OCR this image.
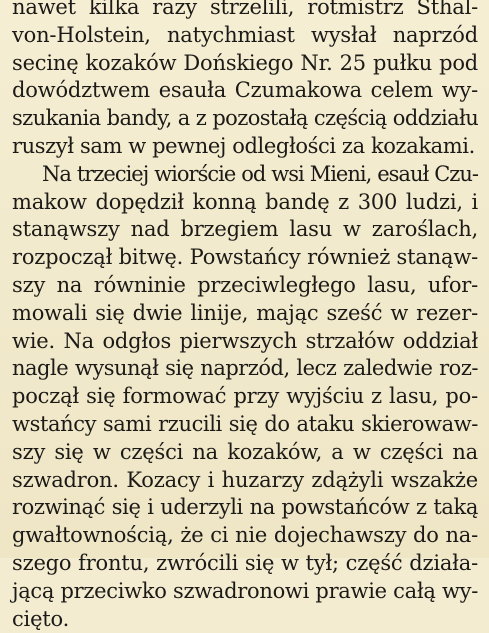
nawet kilka razy strzelili, rotmistrz Sthal-
von-Holstein, natychmiast wysłał naprzód
secinę kozaków Dońskiego Nr. 25 pułku pod
dowództwem esauła Czumakowa celem wy-
szukania bandy, a z pozostałą częścią oddziału
ruszył sam w pewnej odległości za kozakami.
Na trzeciej wiorście od wsi Mieni, esauł Czu-
makow dopędził konną bandę z 300 ludzi, i
stanąwszy nad brzegiem lasu w zaroślach,
rozpoczął bitwę. Powstańcy również stanąw-
szy na równinie przeciwległego lasu, ufor-
mowali się dwie linije, mając sześć w rezer-
wie. Na odgłos pierwszych strzałów oddział
nagle wysunął się naprzód, lecz zaledwie roz-
począł się formować przy wyjściu z lasu, po-
wstańcy sami rzucili się do ataku skierowaw-
szy się w części na kozaków, a w części na
szwadron. Kozacy i huzarzy zdążyli wszakże
rozwinąć się i uderzyli na powstańców z taką
gwałtownością, że ci nie dojechawszy do na-
szego frontu, zwrócili się w tył; część działa-
jącą przeciwko szwadronowi prawie całą wy-
cięto.
